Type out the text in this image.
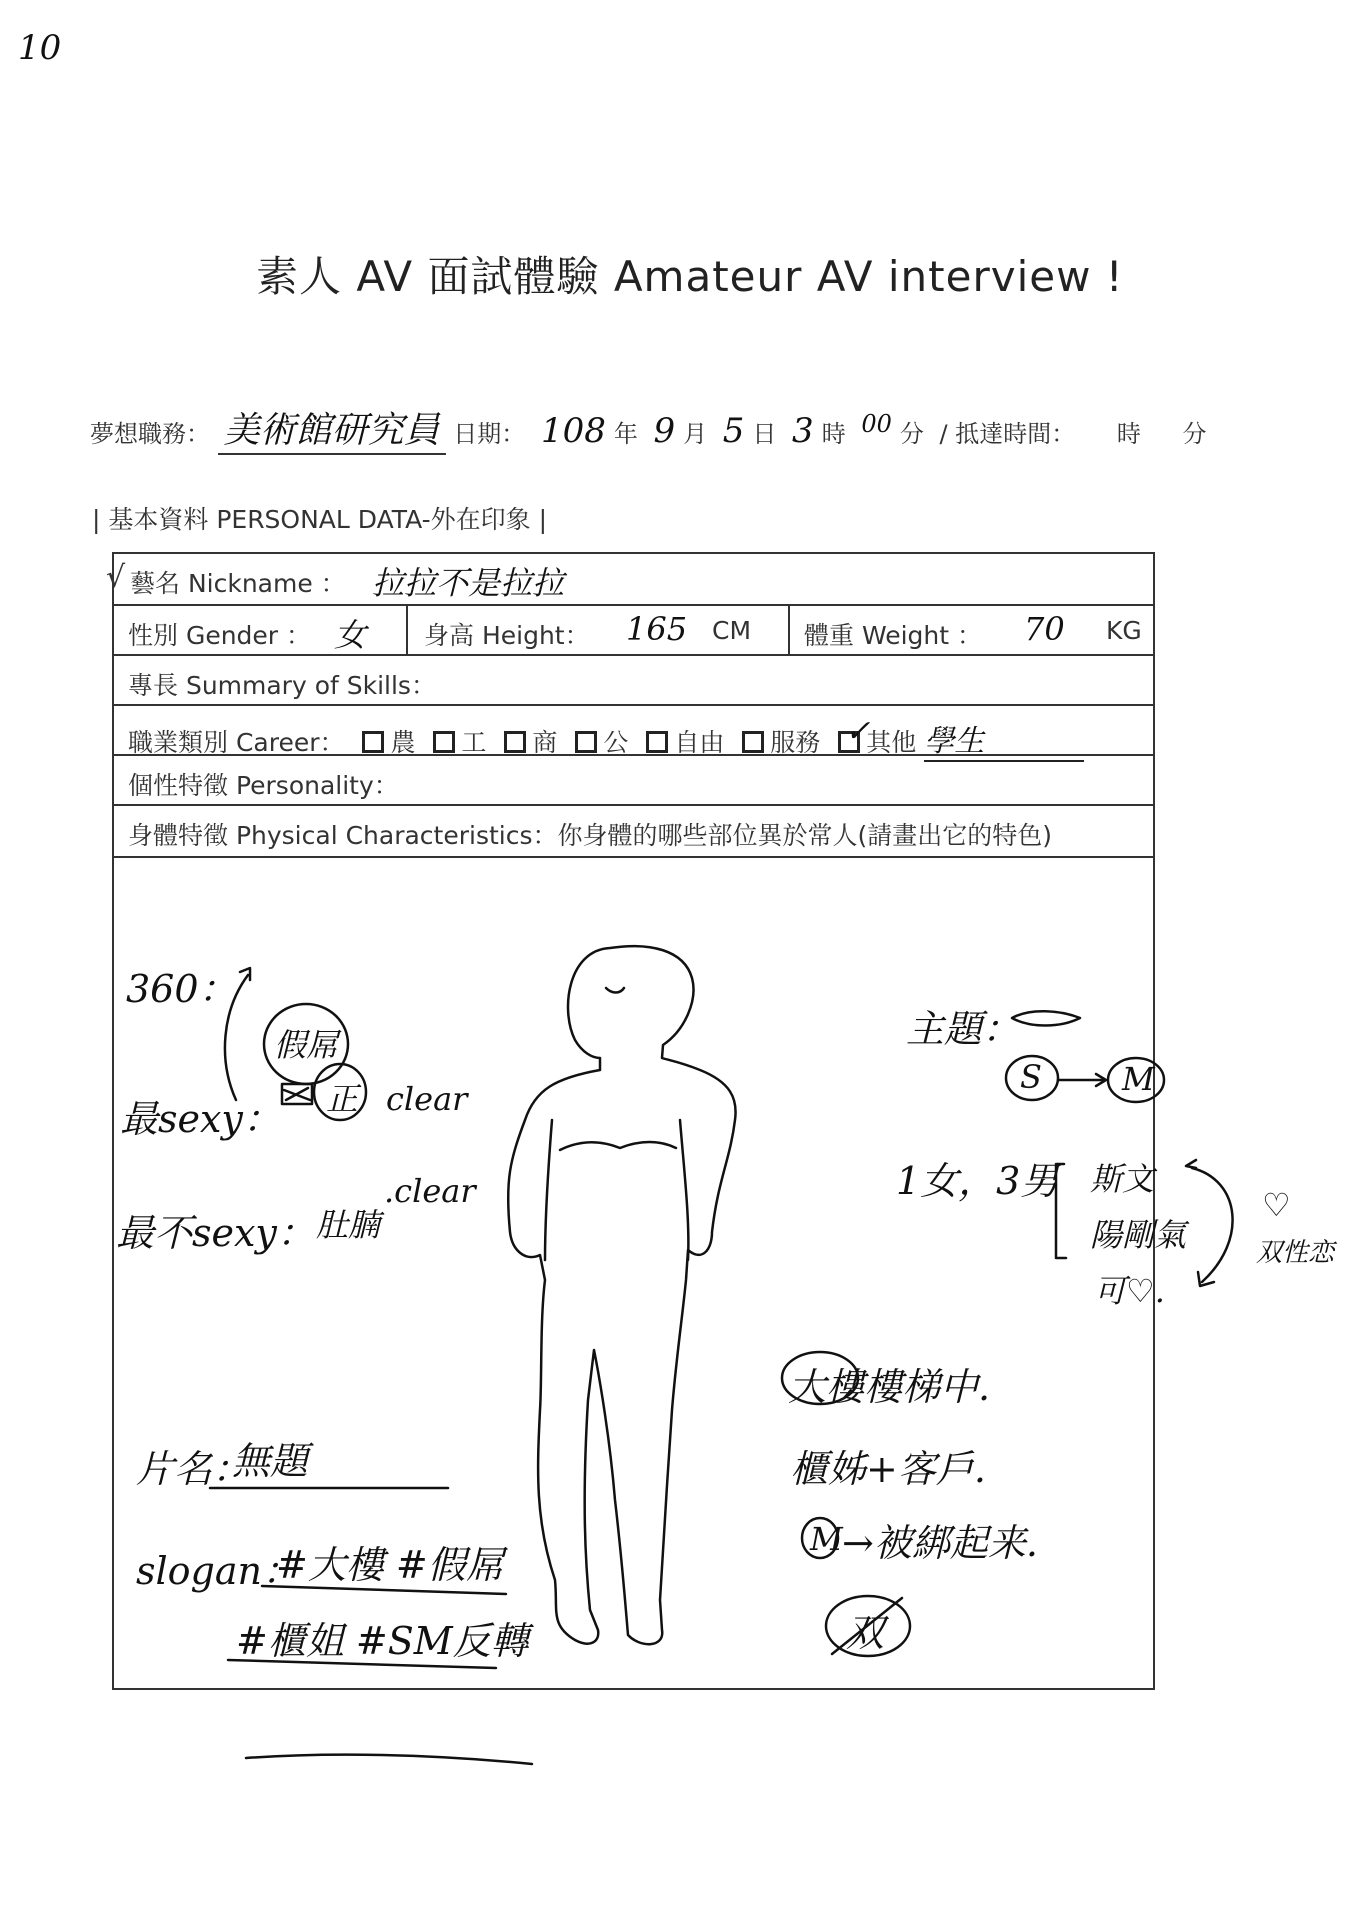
10
素人 AV 面試體驗 Amateur AV interview !
夢想職務： 美術館研究員 日期： 108 年 9 月 5 日 3 時 00 分 / 抵達時間： 時 分
| 基本資料 PERSONAL DATA-外在印象 |
√ 藝名 Nickname ： 拉拉不是拉拉
性別 Gender ： 女 身高 Height： 165 CM 體重 Weight ： 70 KG
專長 Summary of Skills：
職業類別 Career： 農 工 商 公 自由 服務 ✓
其他 學生
個性特徵 Personality：
身體特徵 Physical Characteristics：你身體的哪些部位異於常人(請畫出它的特色)
360：
假屌
最sexy： 正 clear
最不sexy： 肚腩
.clear
主題：
S	M
1女，3男 斯文
陽剛氣
可♡.
♡
双性恋
大樓樓梯中.
櫃姊+客戶.
M →被綁起来.
双
片名：
無題
slogan：
#大樓 #假屌
#櫃姐 #SM反轉
